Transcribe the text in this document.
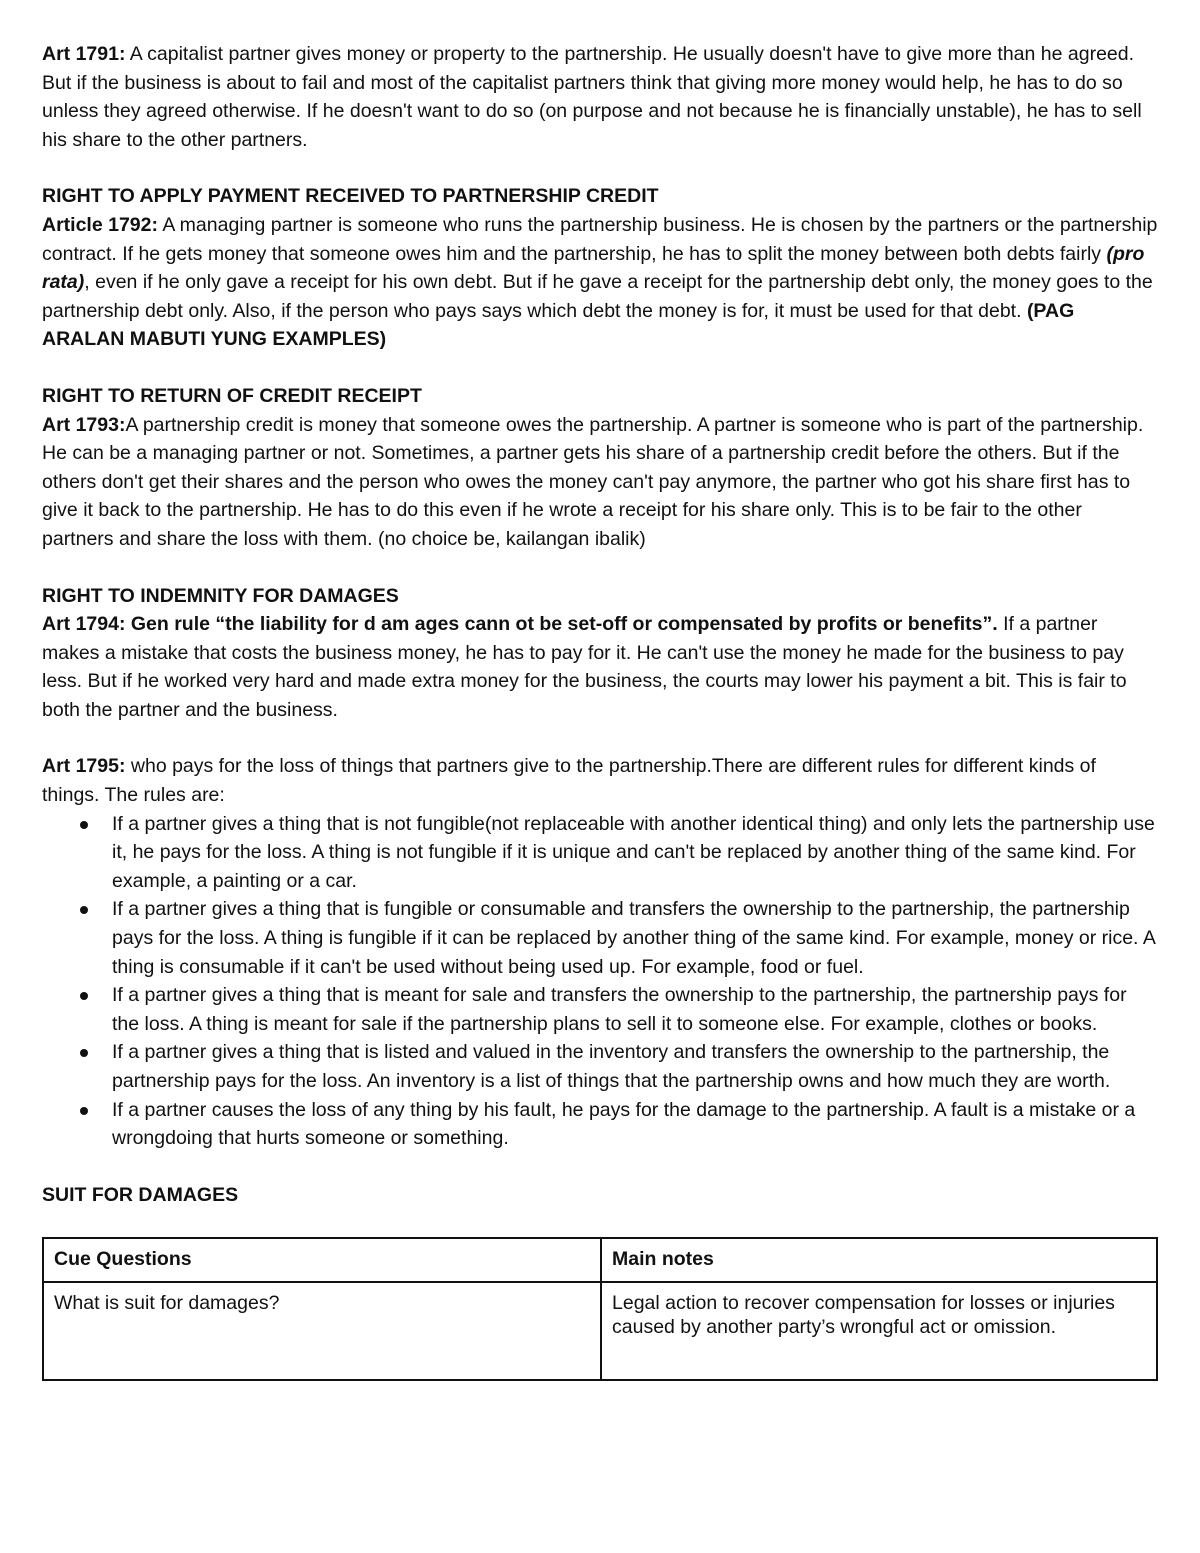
Art 1791: A capitalist partner gives money or property to the partnership. He usually doesn't have to give more than he agreed. But if the business is about to fail and most of the capitalist partners think that giving more money would help, he has to do so unless they agreed otherwise. If he doesn't want to do so (on purpose and not because he is financially unstable), he has to sell his share to the other partners.

RIGHT TO APPLY PAYMENT RECEIVED TO PARTNERSHIP CREDIT

Article 1792: A managing partner is someone who runs the partnership business. He is chosen by the partners or the partnership contract. If he gets money that someone owes him and the partnership, he has to split the money between both debts fairly (pro rata), even if he only gave a receipt for his own debt. But if he gave a receipt for the partnership debt only, the money goes to the partnership debt only. Also, if the person who pays says which debt the money is for, it must be used for that debt. (PAG ARALAN MABUTI YUNG EXAMPLES)

RIGHT TO RETURN OF CREDIT RECEIPT

Art 1793:A partnership credit is money that someone owes the partnership. A partner is someone who is part of the partnership. He can be a managing partner or not. Sometimes, a partner gets his share of a partnership credit before the others. But if the others don't get their shares and the person who owes the money can't pay anymore, the partner who got his share first has to give it back to the partnership. He has to do this even if he wrote a receipt for his share only. This is to be fair to the other partners and share the loss with them. (no choice be, kailangan ibalik)

RIGHT TO INDEMNITY FOR DAMAGES

Art 1794: Gen rule “the liability for d am ages cann ot be set-off or compensated by profits or benefits”. If a partner makes a mistake that costs the business money, he has to pay for it. He can't use the money he made for the business to pay less. But if he worked very hard and made extra money for the business, the courts may lower his payment a bit. This is fair to both the partner and the business.

Art 1795: who pays for the loss of things that partners give to the partnership.There are different rules for different kinds of things. The rules are:

If a partner gives a thing that is not fungible(not replaceable with another identical thing) and only lets the partnership use it, he pays for the loss. A thing is not fungible if it is unique and can't be replaced by another thing of the same kind. For example, a painting or a car.
If a partner gives a thing that is fungible or consumable and transfers the ownership to the partnership, the partnership pays for the loss. A thing is fungible if it can be replaced by another thing of the same kind. For example, money or rice. A thing is consumable if it can't be used without being used up. For example, food or fuel.
If a partner gives a thing that is meant for sale and transfers the ownership to the partnership, the partnership pays for the loss. A thing is meant for sale if the partnership plans to sell it to someone else. For example, clothes or books.
If a partner gives a thing that is listed and valued in the inventory and transfers the ownership to the partnership, the partnership pays for the loss. An inventory is a list of things that the partnership owns and how much they are worth.
If a partner causes the loss of any thing by his fault, he pays for the damage to the partnership. A fault is a mistake or a wrongdoing that hurts someone or something.

SUIT FOR DAMAGES

Cue Questions	Main notes
What is suit for damages?	Legal action to recover compensation for losses or injuries caused by another party’s wrongful act or omission.
